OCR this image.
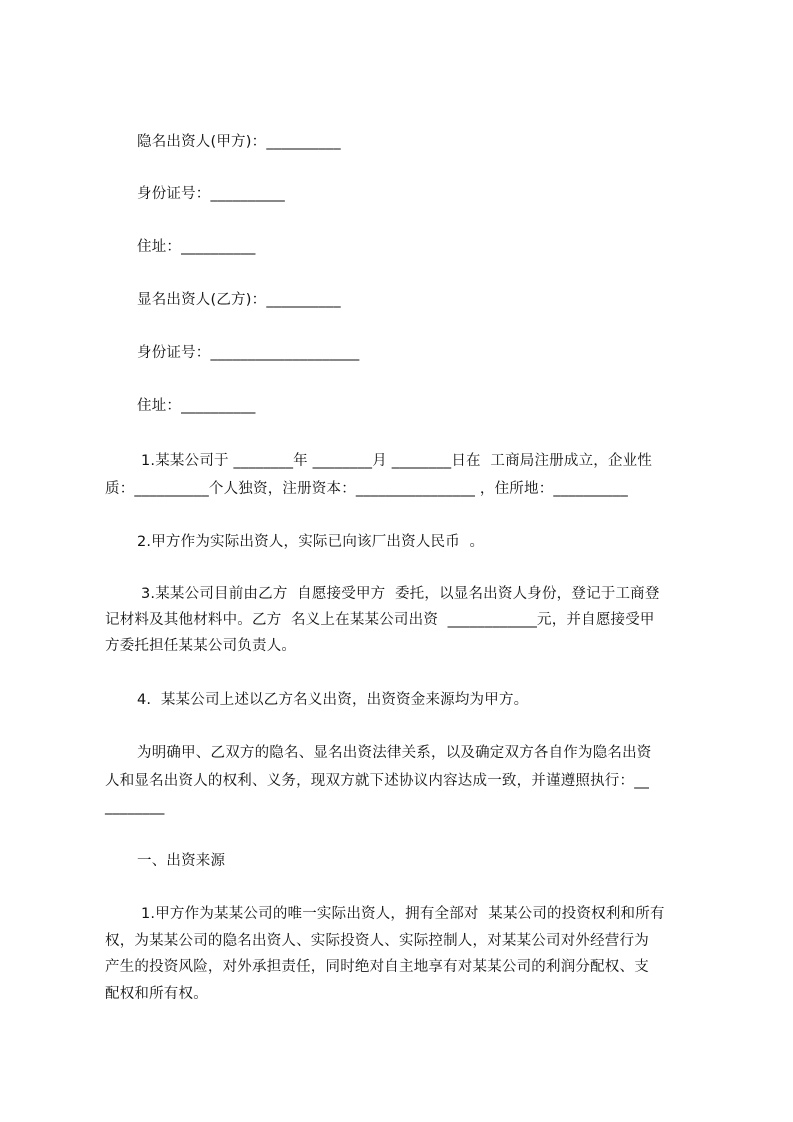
隐名出资人(甲方)：__________
身份证号：__________
住址：__________
显名出资人(乙方)：__________
身份证号：____________________
住址：__________
1.某某公司于 ________年 ________月 ________日在  工商局注册成立，企业性
质：__________个人独资，注册资本：________________ ，住所地：__________
2.甲方作为实际出资人，实际已向该厂出资人民币  。
3.某某公司目前由乙方  自愿接受甲方  委托，以显名出资人身份，登记于工商登
记材料及其他材料中。乙方  名义上在某某公司出资  ____________元，并自愿接受甲
方委托担任某某公司负责人。
4.  某某公司上述以乙方名义出资，出资资金来源均为甲方。
为明确甲、乙双方的隐名、显名出资法律关系，以及确定双方各自作为隐名出资
人和显名出资人的权利、义务，现双方就下述协议内容达成一致，并谨遵照执行：__
________
一、出资来源
1.甲方作为某某公司的唯一实际出资人，拥有全部对  某某公司的投资权利和所有
权，为某某公司的隐名出资人、实际投资人、实际控制人，对某某公司对外经营行为
产生的投资风险，对外承担责任，同时绝对自主地享有对某某公司的利润分配权、支
配权和所有权。
